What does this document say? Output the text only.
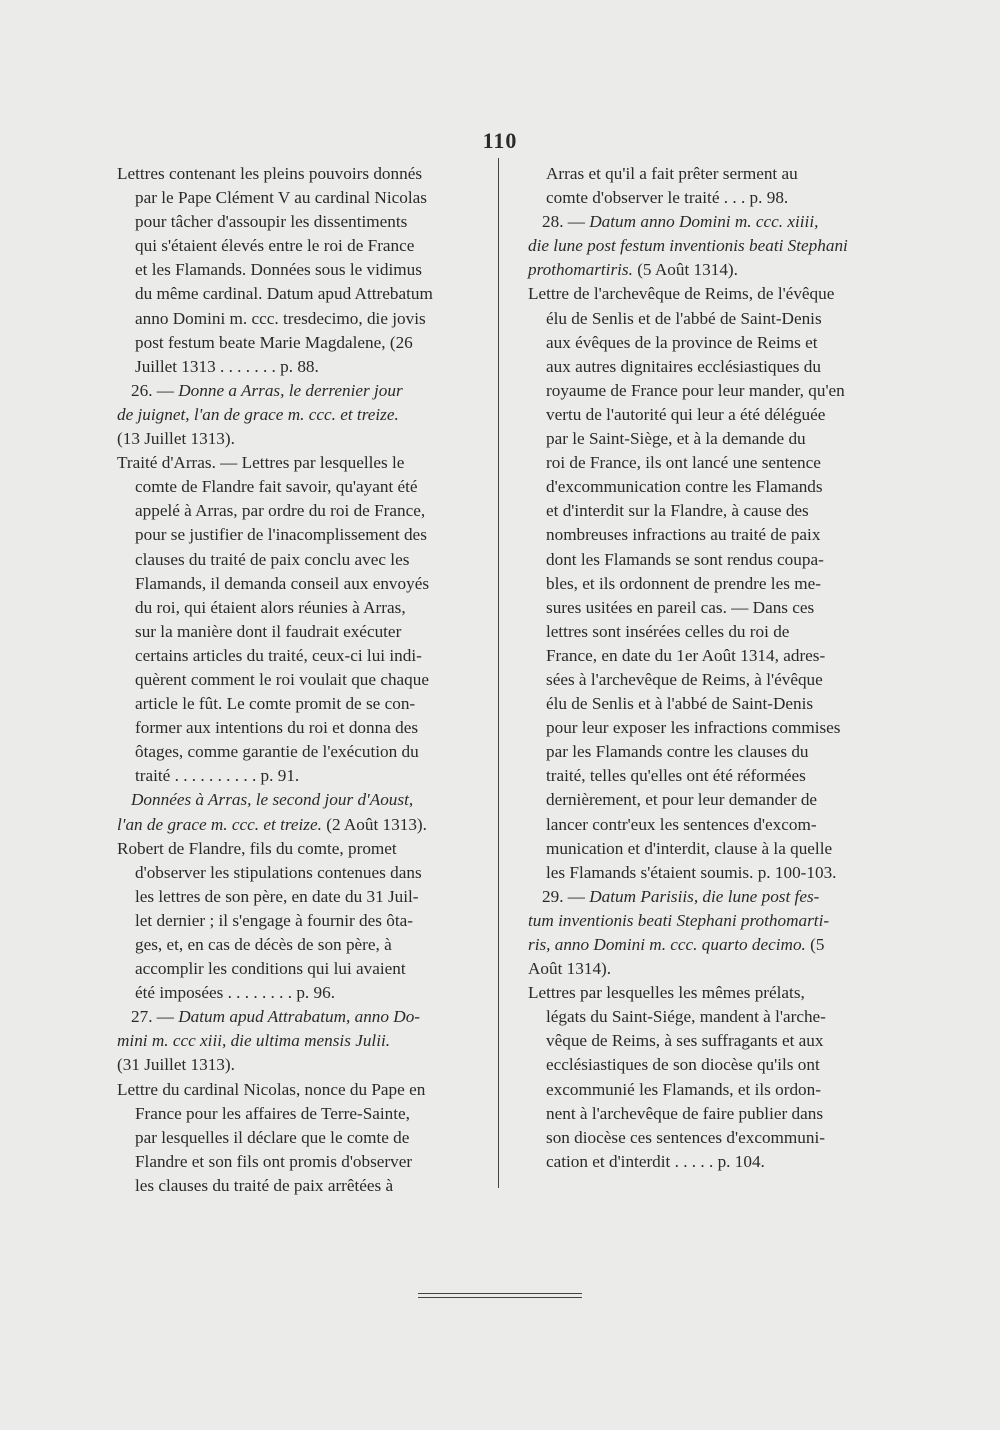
110

Lettres contenant les pleins pouvoirs donnés
par le Pape Clément V au cardinal Nicolas
pour tâcher d'assoupir les dissentiments
qui s'étaient élevés entre le roi de France
et les Flamands. Données sous le vidimus
du même cardinal. Datum apud Attrebatum
anno Domini m. ccc. tresdecimo, die jovis
post festum beate Marie Magdalene, (26
Juillet 1313 . . . . . . . p. 88.

26. — Donne a Arras, le derrenier jour
de juignet, l'an de grace m. ccc. et treize.
(13 Juillet 1313).

Traité d'Arras. — Lettres par lesquelles le
comte de Flandre fait savoir, qu'ayant été
appelé à Arras, par ordre du roi de France,
pour se justifier de l'inacomplissement des
clauses du traité de paix conclu avec les
Flamands, il demanda conseil aux envoyés
du roi, qui étaient alors réunies à Arras,
sur la manière dont il faudrait exécuter
certains articles du traité, ceux-ci lui indi-
quèrent comment le roi voulait que chaque
article le fût. Le comte promit de se con-
former aux intentions du roi et donna des
ôtages, comme garantie de l'exécution du
traité . . . . . . . . . . p. 91.

Données à Arras, le second jour d'Aoust,
l'an de grace m. ccc. et treize. (2 Août 1313).

Robert de Flandre, fils du comte, promet
d'observer les stipulations contenues dans
les lettres de son père, en date du 31 Juil-
let dernier ; il s'engage à fournir des ôta-
ges, et, en cas de décès de son père, à
accomplir les conditions qui lui avaient
été imposées . . . . . . . . p. 96.

27. — Datum apud Attrabatum, anno Do-
mini m. ccc xiii, die ultima mensis Julii.
(31 Juillet 1313).

Lettre du cardinal Nicolas, nonce du Pape en
France pour les affaires de Terre-Sainte,
par lesquelles il déclare que le comte de
Flandre et son fils ont promis d'observer
les clauses du traité de paix arrêtées à

Arras et qu'il a fait prêter serment au
comte d'observer le traité . . . p. 98.

28. — Datum anno Domini m. ccc. xiiii,
die lune post festum inventionis beati Stephani
prothomartiris. (5 Août 1314).

Lettre de l'archevêque de Reims, de l'évêque
élu de Senlis et de l'abbé de Saint-Denis
aux évêques de la province de Reims et
aux autres dignitaires ecclésiastiques du
royaume de France pour leur mander, qu'en
vertu de l'autorité qui leur a été déléguée
par le Saint-Siège, et à la demande du
roi de France, ils ont lancé une sentence
d'excommunication contre les Flamands
et d'interdit sur la Flandre, à cause des
nombreuses infractions au traité de paix
dont les Flamands se sont rendus coupa-
bles, et ils ordonnent de prendre les me-
sures usitées en pareil cas. — Dans ces
lettres sont insérées celles du roi de
France, en date du 1er Août 1314, adres-
sées à l'archevêque de Reims, à l'évêque
élu de Senlis et à l'abbé de Saint-Denis
pour leur exposer les infractions commises
par les Flamands contre les clauses du
traité, telles qu'elles ont été réformées
dernièrement, et pour leur demander de
lancer contr'eux les sentences d'excom-
munication et d'interdit, clause à la quelle
les Flamands s'étaient soumis. p. 100-103.

29. — Datum Parisiis, die lune post fes-
tum inventionis beati Stephani prothomarti-
ris, anno Domini m. ccc. quarto decimo. (5
Août 1314).

Lettres par lesquelles les mêmes prélats,
légats du Saint-Siége, mandent à l'arche-
vêque de Reims, à ses suffragants et aux
ecclésiastiques de son diocèse qu'ils ont
excommunié les Flamands, et ils ordon-
nent à l'archevêque de faire publier dans
son diocèse ces sentences d'excommuni-
cation et d'interdit . . . . . p. 104.
